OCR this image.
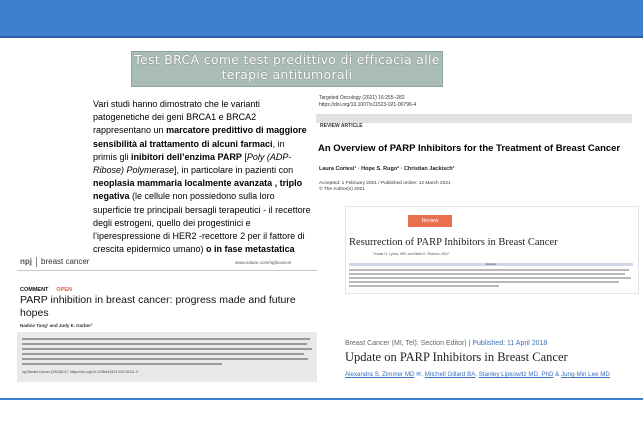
Test BRCA come test predittivo di efficacia alle
terapie antitumorali
Vari studi hanno dimostrato che le varianti patogenetiche dei geni BRCA1 e BRCA2 rappresentano un marcatore predittivo di maggiore sensibilità al trattamento di alcuni farmaci, in primis gli inibitori dell’enzima PARP [Poly (ADP-Ribose) Polymerase], in particolare in pazienti con neoplasia mammaria localmente avanzata , triplo negativa (le cellule non possiedono sulla loro superficie tre principali bersagli terapeutici - il recettore degli estrogeni, quello dei progestinici e l’iperespressione di HER2 -recettore 2 per il fattore di crescita epidermico umano) o in fase metastatica
Targeted Oncology (2021) 16:255–282
https://doi.org/10.1007/s11523-021-00796-4
REVIEW ARTICLE
An Overview of PARP Inhibitors for the Treatment of Breast Cancer
Laura Cortesi¹ · Hope S. Rugo² · Christian Jackisch³
Accepted: 1 February 2021 / Published online: 12 March 2021
© The Author(s) 2021
Review
Resurrection of PARP Inhibitors in Breast Cancer
Tomas G. Lyons, MD¹ and Mark E. Robson, MD¹*
Abstract
Breast Cancer (MI, Tel). Section Editor) | Published: 11 April 2018
Update on PARP Inhibitors in Breast Cancer
Alexandra S. Zimmer MD ✉, Mitchell Gillard BA, Stanley Lipkowitz MD, PhD & Jung-Min Lee MD
npj breast cancer	www.nature.com/npjbcancer
COMMENT OPEN
PARP inhibition in breast cancer: progress made and future hopes
Nadine Tung¹ and Judy E. Garber²
npj Breast Cancer (2022)8:47; https://doi.org/10.1038/s41523-022-00411-3
